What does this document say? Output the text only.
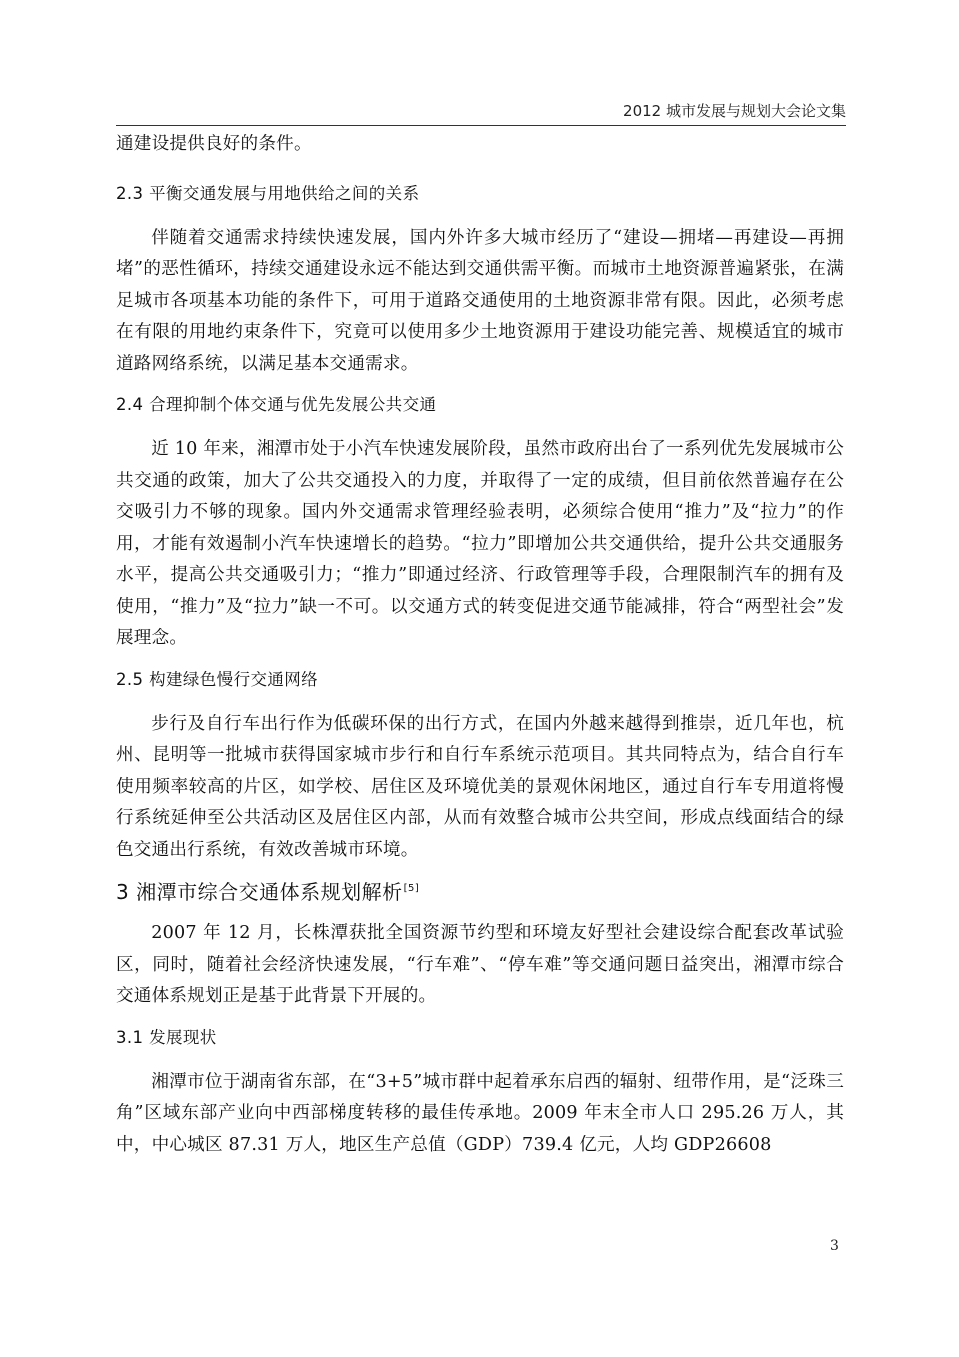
2012 城市发展与规划大会论文集

通建设提供良好的条件。

2.3 平衡交通发展与用地供给之间的关系

伴随着交通需求持续快速发展，国内外许多大城市经历了“建设—拥堵—再建设—再拥堵”的恶性循环，持续交通建设永远不能达到交通供需平衡。而城市土地资源普遍紧张，在满足城市各项基本功能的条件下，可用于道路交通使用的土地资源非常有限。因此，必须考虑在有限的用地约束条件下，究竟可以使用多少土地资源用于建设功能完善、规模适宜的城市道路网络系统，以满足基本交通需求。

2.4 合理抑制个体交通与优先发展公共交通

近 10 年来，湘潭市处于小汽车快速发展阶段，虽然市政府出台了一系列优先发展城市公共交通的政策，加大了公共交通投入的力度，并取得了一定的成绩，但目前依然普遍存在公交吸引力不够的现象。国内外交通需求管理经验表明，必须综合使用“推力”及“拉力”的作用，才能有效遏制小汽车快速增长的趋势。“拉力”即增加公共交通供给，提升公共交通服务水平，提高公共交通吸引力；“推力”即通过经济、行政管理等手段，合理限制汽车的拥有及使用，“推力”及“拉力”缺一不可。以交通方式的转变促进交通节能减排，符合“两型社会”发展理念。

2.5 构建绿色慢行交通网络

步行及自行车出行作为低碳环保的出行方式，在国内外越来越得到推崇，近几年也，杭州、昆明等一批城市获得国家城市步行和自行车系统示范项目。其共同特点为，结合自行车使用频率较高的片区，如学校、居住区及环境优美的景观休闲地区，通过自行车专用道将慢行系统延伸至公共活动区及居住区内部，从而有效整合城市公共空间，形成点线面结合的绿色交通出行系统，有效改善城市环境。

3 湘潭市综合交通体系规划解析[5]

2007 年 12 月，长株潭获批全国资源节约型和环境友好型社会建设综合配套改革试验区，同时，随着社会经济快速发展，“行车难”、“停车难”等交通问题日益突出，湘潭市综合交通体系规划正是基于此背景下开展的。

3.1 发展现状

湘潭市位于湖南省东部，在“3+5”城市群中起着承东启西的辐射、纽带作用，是“泛珠三角”区域东部产业向中西部梯度转移的最佳传承地。2009 年末全市人口 295.26 万人，其中，中心城区 87.31 万人，地区生产总值（GDP）739.4 亿元，人均 GDP26608

3
